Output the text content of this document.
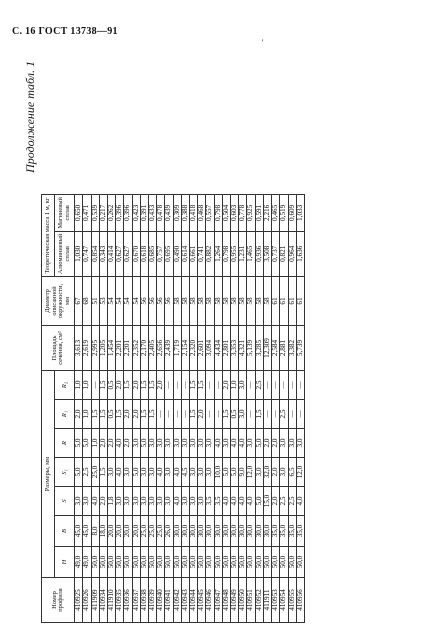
С. 16 ГОСТ 13738—91
'
Продолжение табл. 1
Номер профиля	Размеры, мм							Площадь сечения, см²	Диаметр описанной окружности, мм	Теоретическая масса 1 м, кг	
	H	B	S	S₁	R	R₁	R₂			Алюминиевый сплав	Магниевый сплав
410925	49,0	45,0	3,0	5,0	5,0	2,0	1,0	3,613	67	1,030	0,650
410926	49,0	45,0	3,0	2,5	5,0	1,0	1,0	2,619	68	0,747	0,471
411909	50,0	8,0	4,0	25,0	1,0	1,5	—	2,995	51	0,854	0,539
410934	50,0	18,0	2,0	1,5	2,0	1,5	1,5	1,205	53	0,343	0,217
411910	50,0	20,0	1,8	3,0	2,0	0,5	0,5	1,454	54	0,414	0,262
410935	50,0	20,0	3,0	4,0	4,0	1,5	2,0	2,201	54	0,627	0,396
410936	50,0	20,0	3,0	3,0	2,0	2,0	1,5	2,201	54	0,627	0,396
410937	50,0	20,0	3,0	5,0	3,0	2,0	2,0	2,352	54	0,670	0,423
410938	50,0	25,0	3,0	3,0	5,0	1,5	1,5	2,170	56	0,618	0,391
410939	50,0	25,0	3,0	3,0	3,0	1,5	1,5	2,405	56	0,685	0,433
410940	50,0	25,0	3,0	4,0	3,0	—	2,0	2,656	56	0,757	0,478
410941	50,0	26,0	3,0	3,0	3,0	—	—	2,439	56	0,695	0,439
410942	50,0	30,0	4,0	4,0	3,0	—	—	1,719	58	0,490	0,309
410943	50,0	30,0	3,0	4,5	3,0	—	—	2,154	58	0,614	0,388
410944	50,0	30,0	3,0	3,0	3,0	1,5	1,5	2,320	58	0,661	0,418
410945	50,0	30,0	3,0	3,0	3,0	2,0	1,5	2,601	58	0,741	0,468
410946	50,0	30,0	3,5	3,0	3,0	—	—	3,094	58	0,882	0,557
410947	50,0	30,0	3,5	10,0	4,0	—	—	4,434	58	1,264	0,798
410948	50,0	30,0	4,0	5,0	3,0	1,5	2,0	2,801	58	0,798	0,504
410949	50,0	30,0	4,0	5,0	4,0	0,5	1,0	3,353	58	0,955	0,603
410950	50,0	30,0	4,0	9,0	4,0	3,0	3,0	4,321	58	1,231	0,778
410951	50,0	30,0	4,0	12,0	3,0	—	—	5,139	58	1,465	0,925
410952	50,0	30,0	5,0	3,0	5,0	1,5	2,5	3,285	58	0,936	0,591
411911	50,0	30,0	15,0	32,0	2,0	—	—	12,309	58	3,508	2,216
410953	50,0	35,0	2,0	2,0	2,0	—	—	2,584	61	0,737	0,465
410954	50,0	35,0	2,5	3,0	3,0	2,5	—	2,881	61	0,821	0,519
410955	50,0	35,0	2,5	6,5	3,0	—	—	3,382	61	0,964	0,609
410956	50,0	35,0	4,0	12,0	3,0	—	—	5,739	61	1,636	1,033
